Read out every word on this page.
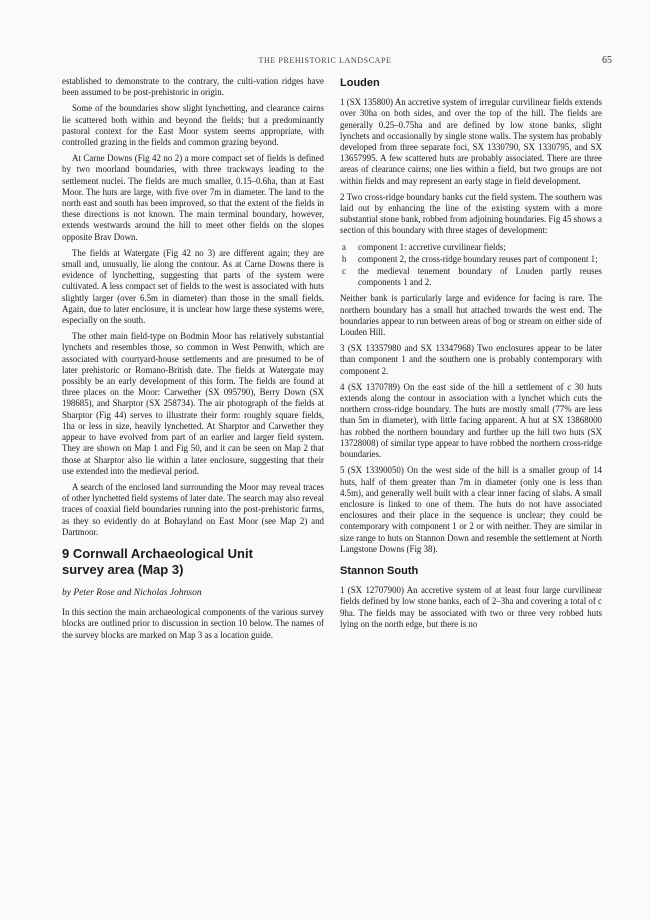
THE PREHISTORIC LANDSCAPE	65

established to demonstrate to the contrary, the culti-vation ridges have been assumed to be post-prehistoric in origin.

Some of the boundaries show slight lynchetting, and clearance cairns lie scattered both within and beyond the fields; but a predominantly pastoral context for the East Moor system seems appropriate, with controlled grazing in the fields and common grazing beyond.

At Carne Downs (Fig 42 no 2) a more compact set of fields is defined by two moorland boundaries, with three trackways leading to the settlement nuclei. The fields are much smaller, 0.15–0.6ha, than at East Moor. The huts are large, with five over 7m in diameter. The land to the north east and south has been improved, so that the extent of the fields in these directions is not known. The main terminal boundary, however, extends westwards around the hill to meet other fields on the slopes opposite Brav Down.

The fields at Watergate (Fig 42 no 3) are different again; they are small and, unusually, lie along the contour. As at Carne Downs there is evidence of lynchetting, suggesting that parts of the system were cultivated. A less compact set of fields to the west is associated with huts slightly larger (over 6.5m in diameter) than those in the small fields. Again, due to later enclosure, it is unclear how large these systems were, especially on the south.

The other main field-type on Bodmin Moor has relatively substantial lynchets and resembles those, so common in West Penwith, which are associated with courtyard-house settlements and are presumed to be of later prehistoric or Romano-British date. The fields at Watergate may possibly be an early development of this form. The fields are found at three places on the Moor: Carwether (SX 095790), Berry Down (SX 198685), and Sharptor (SX 258734). The air photograph of the fields at Sharptor (Fig 44) serves to illustrate their form: roughly square fields, 1ha or less in size, heavily lynchetted. At Sharptor and Carwether they appear to have evolved from part of an earlier and larger field system. They are shown on Map 1 and Fig 50, and it can be seen on Map 2 that those at Sharptor also lie within a later enclosure, suggesting that their use extended into the medieval period.

A search of the enclosed land surrounding the Moor may reveal traces of other lynchetted field systems of later date. The search may also reveal traces of coaxial field boundaries running into the post-prehistoric farms, as they so evidently do at Bohayland on East Moor (see Map 2) and Dartmoor.

9 Cornwall Archaeological Unit
survey area (Map 3)
by Peter Rose and Nicholas Johnson

In this section the main archaeological components of the various survey blocks are outlined prior to discussion in section 10 below. The names of the survey blocks are marked on Map 3 as a location guide.

Louden

1 (SX 135800) An accretive system of irregular curvilinear fields extends over 30ha on both sides, and over the top of the hill. The fields are generally 0.25–0.75ha and are defined by low stone banks, slight lynchets and occasionally by single stone walls. The system has probably developed from three separate foci, SX 1330790, SX 1330795, and SX 13657995. A few scattered huts are probably associated. There are three areas of clearance cairns; one lies within a field, but two groups are not within fields and may represent an early stage in field development.

2 Two cross-ridge boundary banks cut the field system. The southern was laid out by enhancing the line of the existing system with a more substantial stone bank, robbed from adjoining boundaries. Fig 45 shows a section of this boundary with three stages of development:

a component 1: accretive curvilinear fields;
b component 2, the cross-ridge boundary reuses part of component 1;
c the medieval tenement boundary of Louden partly reuses components 1 and 2.

Neither bank is particularly large and evidence for facing is rare. The northern boundary has a small hut attached towards the west end. The boundaries appear to run between areas of bog or stream on either side of Louden Hill.

3 (SX 13357980 and SX 13347968) Two enclosures appear to be later than component 1 and the southern one is probably contemporary with component 2.

4 (SX 1370789) On the east side of the hill a settlement of c 30 huts extends along the contour in association with a lynchet which cuts the northern cross-ridge boundary. The huts are mostly small (77% are less than 5m in diameter), with little facing apparent. A hut at SX 13868000 has robbed the northern boundary and further up the hill two huts (SX 13728008) of similar type appear to have robbed the northern cross-ridge boundaries.

5 (SX 13390050) On the west side of the hill is a smaller group of 14 huts, half of them greater than 7m in diameter (only one is less than 4.5m), and generally well built with a clear inner facing of slabs. A small enclosure is linked to one of them. The huts do not have associated enclosures and their place in the sequence is unclear; they could be contemporary with component 1 or 2 or with neither. They are similar in size range to huts on Stannon Down and resemble the settlement at North Langstone Downs (Fig 38).

Stannon South

1 (SX 12707900) An accretive system of at least four large curvilinear fields defined by low stone banks, each of 2–3ha and covering a total of c 9ha. The fields may be associated with two or three very robbed huts lying on the north edge, but there is no
